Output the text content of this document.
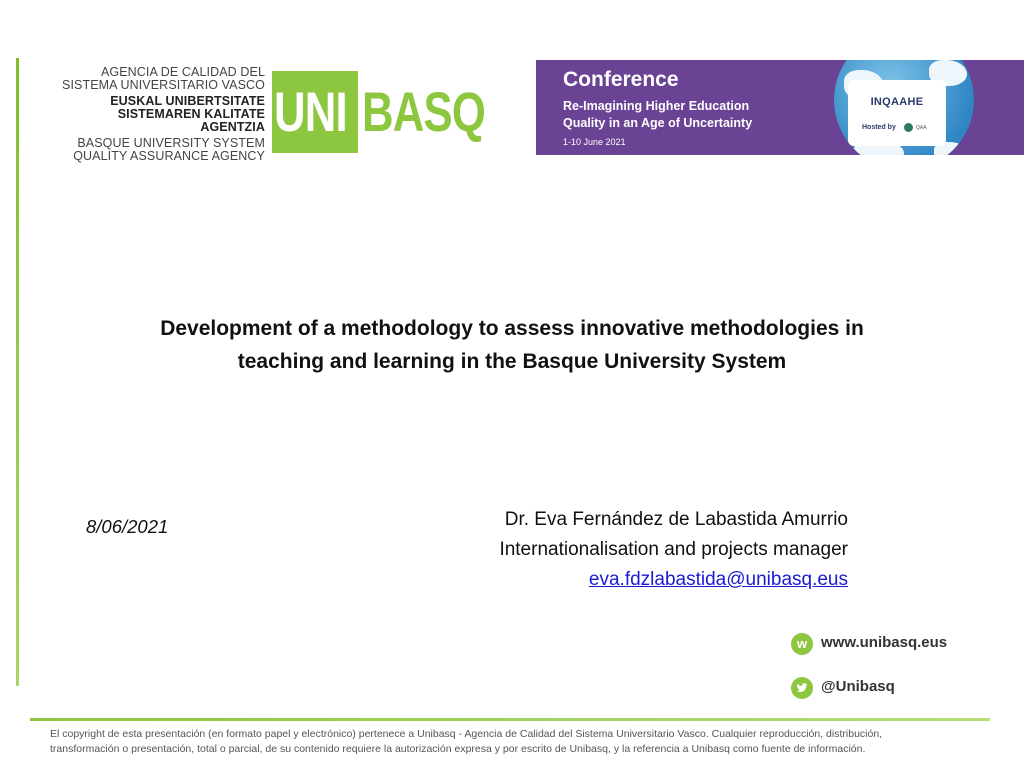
AGENCIA DE CALIDAD DEL
SISTEMA UNIVERSITARIO VASCO
EUSKAL UNIBERTSITATE
SISTEMAREN KALITATE AGENTZIA
BASQUE UNIVERSITY SYSTEM
QUALITY ASSURANCE AGENCY
UNI BASQ
Conference
Re-Imagining Higher Education
Quality in an Age of Uncertainty
1-10 June 2021
INQAAHE
Hosted by	QAA
Development of a methodology to assess innovative methodologies in
teaching and learning in the Basque University System
8/06/2021	Dr. Eva Fernández de Labastida Amurrio
Internationalisation and projects manager
eva.fdzlabastida@unibasq.eus
w www.unibasq.eus
@Unibasq
El copyright de esta presentación (en formato papel y electrónico) pertenece a Unibasq - Agencia de Calidad del Sistema Universitario Vasco. Cualquier reproducción, distribución,
transformación o presentación, total o parcial, de su contenido requiere la autorización expresa y por escrito de Unibasq, y la referencia a Unibasq como fuente de información.
